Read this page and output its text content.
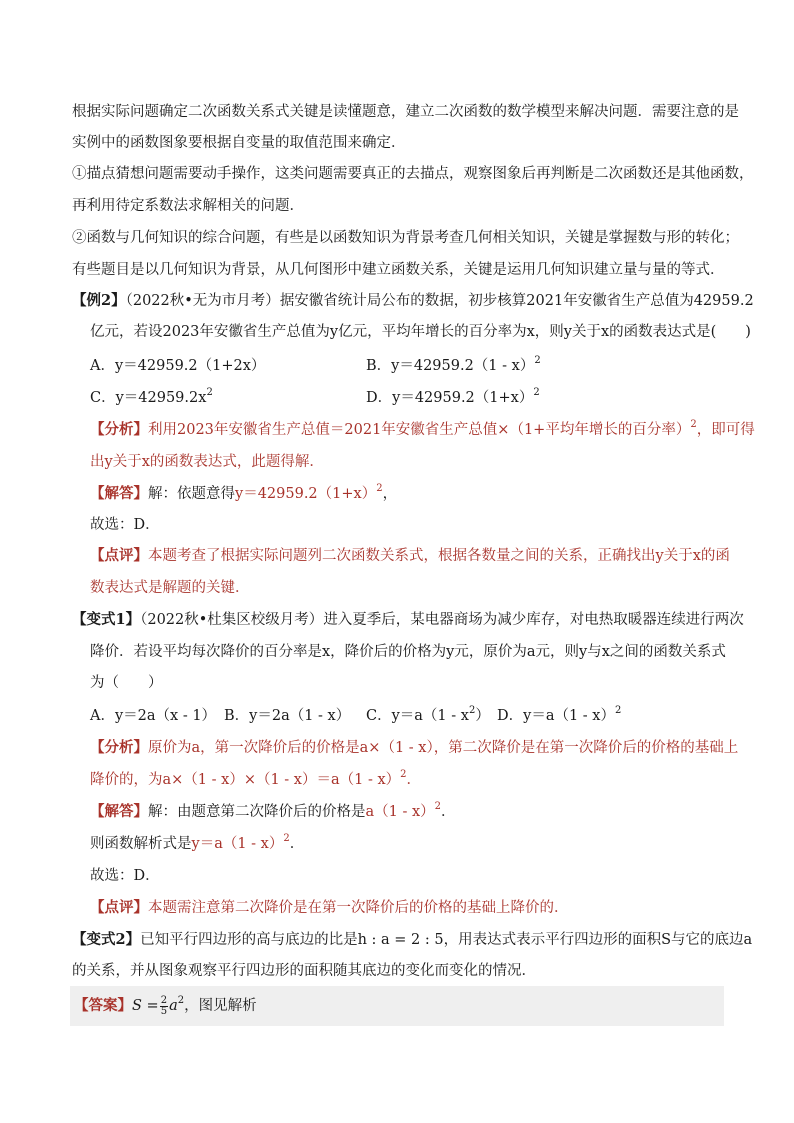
根据实际问题确定二次函数关系式关键是读懂题意，建立二次函数的数学模型来解决问题．需要注意的是
实例中的函数图象要根据自变量的取值范围来确定．
①描点猜想问题需要动手操作，这类问题需要真正的去描点，观察图象后再判断是二次函数还是其他函数，
再利用待定系数法求解相关的问题．
②函数与几何知识的综合问题，有些是以函数知识为背景考查几何相关知识，关键是掌握数与形的转化；
有些题目是以几何知识为背景，从几何图形中建立函数关系，关键是运用几何知识建立量与量的等式．
【例2】（2022秋•无为市月考）据安徽省统计局公布的数据，初步核算2021年安徽省生产总值为42959.2
亿元，若设2023年安徽省生产总值为y亿元，平均年增长的百分率为x，则y关于x的函数表达式是(　　)
A．y＝42959.2（1+2x）	B．y＝42959.2（1 - x）$^2$
C．$y=42959.2x^2$	D．$y=42959.2(1+x)^2$
【分析】利用2023年安徽省生产总值＝2021年安徽省生产总值×（1+平均年增长的百分率）$^2$，即可得
出y关于x的函数表达式，此题得解．
【解答】解：依题意得$y=42959.2(1+x)^2$，
故选：D．
【点评】本题考查了根据实际问题列二次函数关系式，根据各数量之间的关系，正确找出y关于x的函
数表达式是解题的关键．
【变式1】（2022秋•杜集区校级月考）进入夏季后，某电器商场为减少库存，对电热取暖器连续进行两次
降价．若设平均每次降价的百分率是x，降价后的价格为y元，原价为a元，则y与x之间的函数关系式
为（　　）
A．y＝2a（x - 1） B．y＝2a（1 - x） C．$y=a(1 - x^2)$ D．y＝a（1 - x）$^2$
【分析】原价为a，第一次降价后的价格是a×（1 - x），第二次降价是在第一次降价后的价格的基础上
降价的，为a×（1 - x）×（1 - x）＝a（1 - x）$^2$．
【解答】解：由题意第二次降价后的价格是a（1 - x）$^2$．
则函数解析式是y＝a（1 - x）$^2$．
故选：D．
【点评】本题需注意第二次降价是在第一次降价后的价格的基础上降价的．
【变式2】已知平行四边形的高与底边的比是h : a = 2 : 5，用表达式表示平行四边形的面积S与它的底边a
的关系，并从图象观察平行四边形的面积随其底边的变化而变化的情况．
【答案】$S = \frac{2}{5} a^2$，图见解析
